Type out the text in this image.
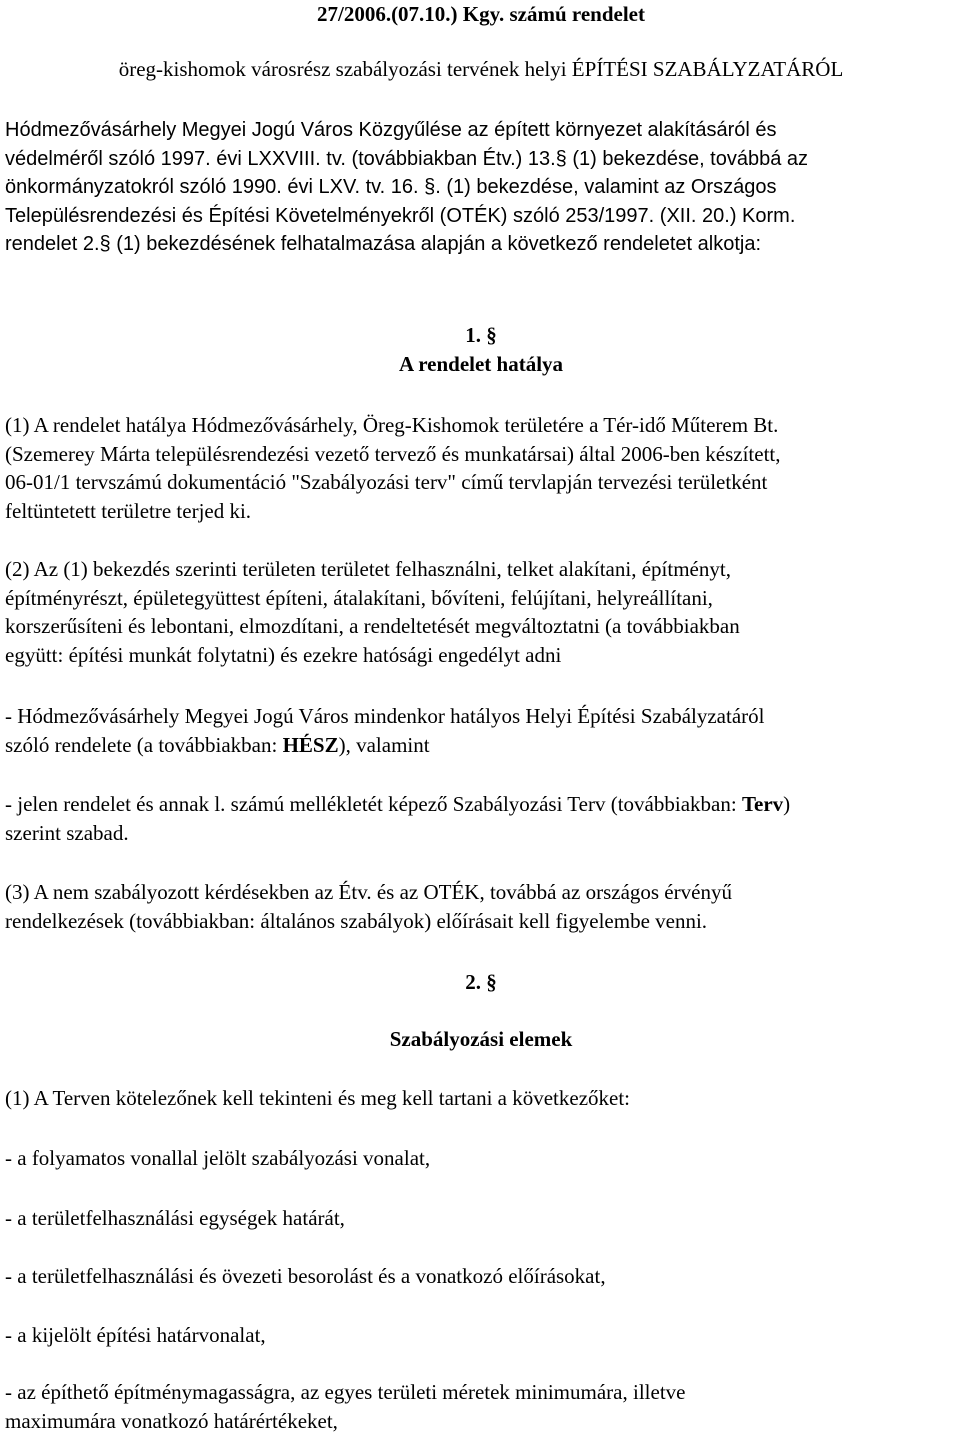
27/2006.(07.10.) Kgy. számú rendelet

öreg-kishomok városrész szabályozási tervének helyi ÉPÍTÉSI SZABÁLYZATÁRÓL

Hódmezővásárhely Megyei Jogú Város Közgyűlése az épített környezet alakításáról és

védelméről szóló 1997. évi LXXVIII. tv. (továbbiakban Étv.) 13.§ (1) bekezdése, továbbá az

önkormányzatokról szóló 1990. évi LXV. tv. 16. §. (1) bekezdése, valamint az Országos

Településrendezési és Építési Követelményekről (OTÉK) szóló 253/1997. (XII. 20.) Korm.

rendelet 2.§ (1) bekezdésének felhatalmazása alapján a következő rendeletet alkotja:

1. §

A rendelet hatálya

(1) A rendelet hatálya Hódmezővásárhely, Öreg-Kishomok területére a Tér-idő Műterem Bt.

(Szemerey Márta településrendezési vezető tervező és munkatársai) által 2006-ben készített,

06-01/1 tervszámú dokumentáció "Szabályozási terv" című tervlapján tervezési területként

feltüntetett területre terjed ki.

(2) Az (1) bekezdés szerinti területen területet felhasználni, telket alakítani, építményt,

építményrészt, épületegyüttest építeni, átalakítani, bővíteni, felújítani, helyreállítani,

korszerűsíteni és lebontani, elmozdítani, a rendeltetését megváltoztatni (a továbbiakban

együtt: építési munkát folytatni) és ezekre hatósági engedélyt adni

- Hódmezővásárhely Megyei Jogú Város mindenkor hatályos Helyi Építési Szabályzatáról

szóló rendelete (a továbbiakban: HÉSZ), valamint

- jelen rendelet és annak l. számú mellékletét képező Szabályozási Terv (továbbiakban: Terv)

szerint szabad.

(3) A nem szabályozott kérdésekben az Étv. és az OTÉK, továbbá az országos érvényű

rendelkezések (továbbiakban: általános szabályok) előírásait kell figyelembe venni.

2. §

Szabályozási elemek

(1) A Terven kötelezőnek kell tekinteni és meg kell tartani a következőket:

- a folyamatos vonallal jelölt szabályozási vonalat,

- a területfelhasználási egységek határát,

- a területfelhasználási és övezeti besorolást és a vonatkozó előírásokat,

- a kijelölt építési határvonalat,

- az építhető építménymagasságra, az egyes területi méretek minimumára, illetve

maximumára vonatkozó határértékeket,
